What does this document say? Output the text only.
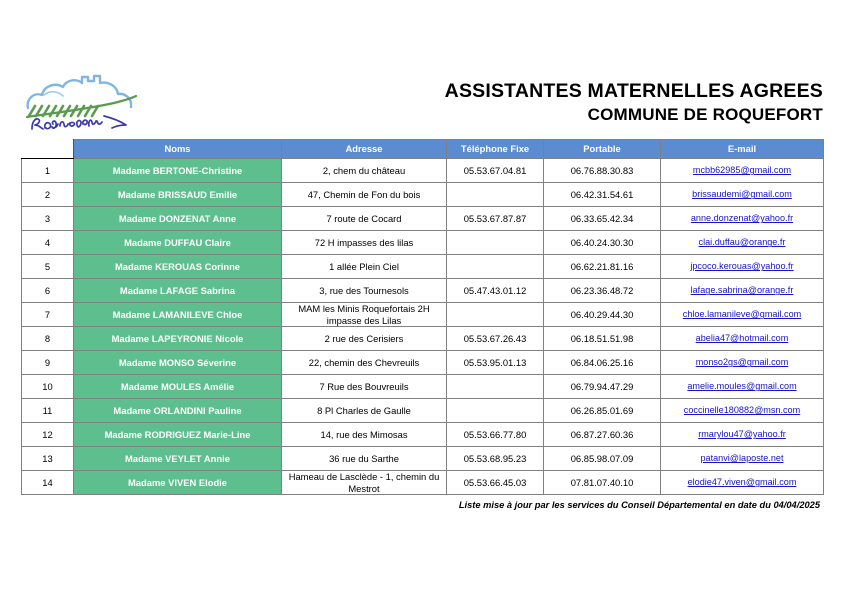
ASSISTANTES MATERNELLES AGREES
COMMUNE DE ROQUEFORT
	Noms	Adresse	Téléphone Fixe	Portable	E-mail
1	Madame BERTONE-Christine	2, chem du château	05.53.67.04.81	06.76.88.30.83	mcbb62985@gmail.com
2	Madame BRISSAUD Emilie	47, Chemin de Fon du bois		06.42.31.54.61	brissaudemi@gmail.com
3	Madame DONZENAT Anne	7 route de Cocard	05.53.67.87.87	06.33.65.42.34	anne.donzenat@yahoo.fr
4	Madame DUFFAU Claire	72 H impasses des lilas		06.40.24.30.30	clai.duffau@orange.fr
5	Madame KEROUAS Corinne	1 allée Plein Ciel		06.62.21.81.16	jpcoco.kerouas@yahoo.fr
6	Madame LAFAGE Sabrina	3, rue des Tournesols	05.47.43.01.12	06.23.36.48.72	lafage.sabrina@orange.fr
7	Madame LAMANILEVE Chloe	MAM les Minis Roquefortais 2H impasse des Lilas		06.40.29.44.30	chloe.lamanileve@gmail.com
8	Madame LAPEYRONIE Nicole	2 rue des Cerisiers	05.53.67.26.43	06.18.51.51.98	abelia47@hotmail.com
9	Madame MONSO Séverine	22, chemin des Chevreuils	05.53.95.01.13	06.84.06.25.16	monso2gs@gmail.com
10	Madame MOULES Amélie	7 Rue des Bouvreuils		06.79.94.47.29	amelie.moules@gmail.com
11	Madame ORLANDINI Pauline	8 Pl Charles de Gaulle		06.26.85.01.69	coccinelle180882@msn.com
12	Madame RODRIGUEZ Marie-Line	14, rue des Mimosas	05.53.66.77.80	06.87.27.60.36	rmarylou47@yahoo.fr
13	Madame VEYLET Annie	36 rue du Sarthe	05.53.68.95.23	06.85.98.07.09	patanvi@laposte.net
14	Madame VIVEN Elodie	Hameau de Lasclède - 1, chemin du Mestrot	05.53.66.45.03	07.81.07.40.10	elodie47.viven@gmail.com
Liste mise à jour par les services du Conseil Départemental en date du 04/04/2025
